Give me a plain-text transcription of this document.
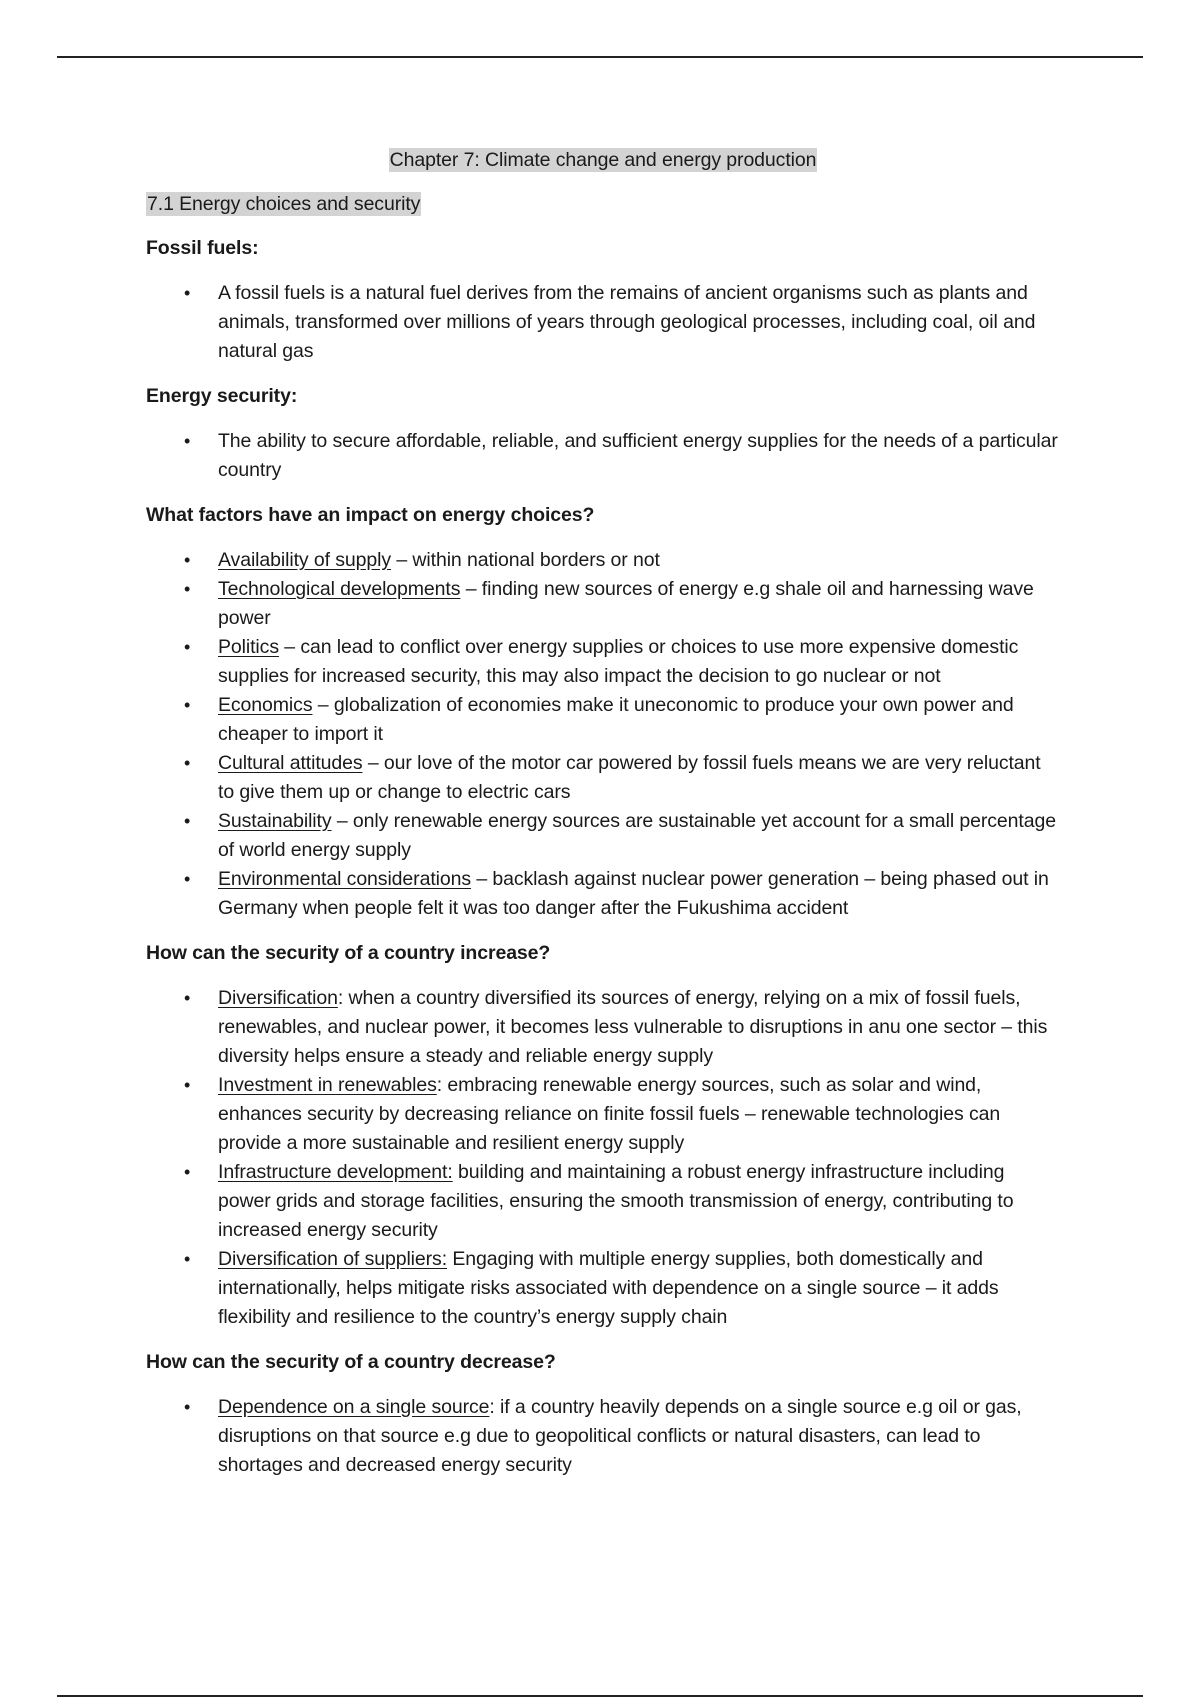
Chapter 7: Climate change and energy production
7.1 Energy choices and security
Fossil fuels:
• A fossil fuels is a natural fuel derives from the remains of ancient organisms such as plants and animals, transformed over millions of years through geological processes, including coal, oil and natural gas
Energy security:
• The ability to secure affordable, reliable, and sufficient energy supplies for the needs of a particular country
What factors have an impact on energy choices?
• Availability of supply – within national borders or not
• Technological developments – finding new sources of energy e.g shale oil and harnessing wave power
• Politics – can lead to conflict over energy supplies or choices to use more expensive domestic supplies for increased security, this may also impact the decision to go nuclear or not
• Economics – globalization of economies make it uneconomic to produce your own power and cheaper to import it
• Cultural attitudes – our love of the motor car powered by fossil fuels means we are very reluctant to give them up or change to electric cars
• Sustainability – only renewable energy sources are sustainable yet account for a small percentage of world energy supply
• Environmental considerations – backlash against nuclear power generation – being phased out in Germany when people felt it was too danger after the Fukushima accident
How can the security of a country increase?
• Diversification: when a country diversified its sources of energy, relying on a mix of fossil fuels, renewables, and nuclear power, it becomes less vulnerable to disruptions in anu one sector – this diversity helps ensure a steady and reliable energy supply
• Investment in renewables: embracing renewable energy sources, such as solar and wind, enhances security by decreasing reliance on finite fossil fuels – renewable technologies can provide a more sustainable and resilient energy supply
• Infrastructure development: building and maintaining a robust energy infrastructure including power grids and storage facilities, ensuring the smooth transmission of energy, contributing to increased energy security
• Diversification of suppliers: Engaging with multiple energy supplies, both domestically and internationally, helps mitigate risks associated with dependence on a single source – it adds flexibility and resilience to the country’s energy supply chain
How can the security of a country decrease?
• Dependence on a single source: if a country heavily depends on a single source e.g oil or gas, disruptions on that source e.g due to geopolitical conflicts or natural disasters, can lead to shortages and decreased energy security
